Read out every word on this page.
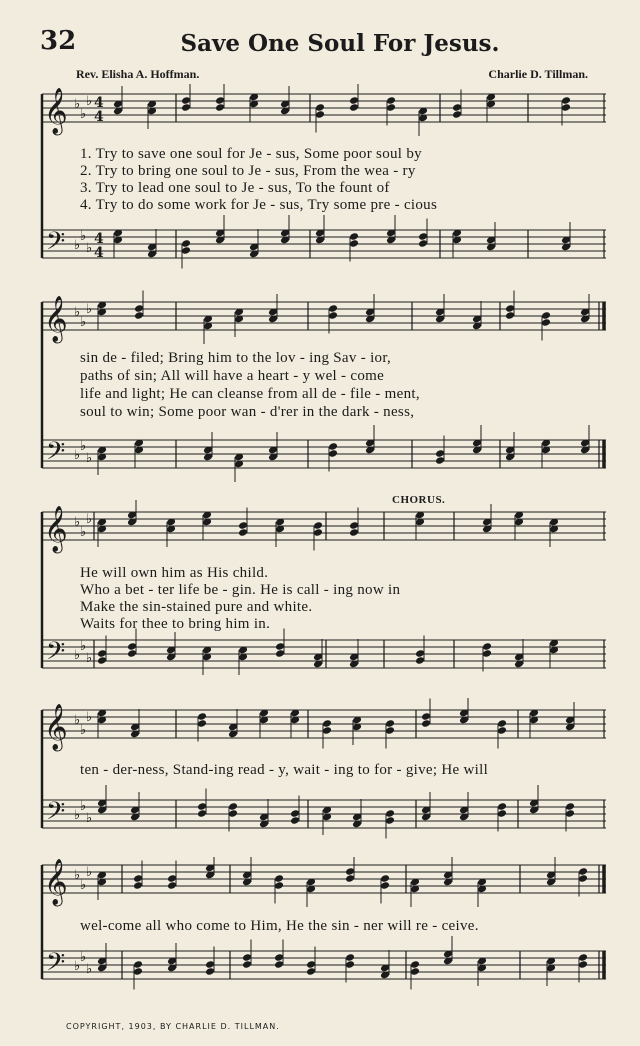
32	Save One Soul For Jesus.
Rev. Elisha A. Hoffman.	Charlie D. Tillman.
𝄞
𝄢
♭
♭
♭
♭
♭
♭
4
4
4
4
1. Try to save one soul for Je - sus, Some poor soul by
2. Try to bring one soul to Je - sus, From the wea - ry
3. Try to lead one soul to Je - sus, To the fount of
4. Try to do some work for Je - sus, Try some pre - cious
𝄞
𝄢
♭
♭
♭
♭
♭
♭
sin de - filed; Bring him to the lov - ing Sav - ior,
paths of sin; All will have a heart - y wel - come
life and light; He can cleanse from all de - file - ment,
soul to win; Some poor wan - d'rer in the dark - ness,
𝄞
𝄢
♭
♭
♭
♭
♭
♭
CHORUS.
He will own him as His child.
Who a bet - ter life be - gin. He is call - ing now in
Make the sin-stained pure and white.
Waits for thee to bring him in.
𝄞
𝄢
♭
♭
♭
♭
♭
♭
ten - der-ness, Stand-ing read - y, wait - ing to for - give; He will
𝄞
𝄢
♭
♭
♭
♭
♭
♭
wel-come all who come to Him, He the sin - ner will re - ceive.
COPYRIGHT, 1903, BY CHARLIE D. TILLMAN.
